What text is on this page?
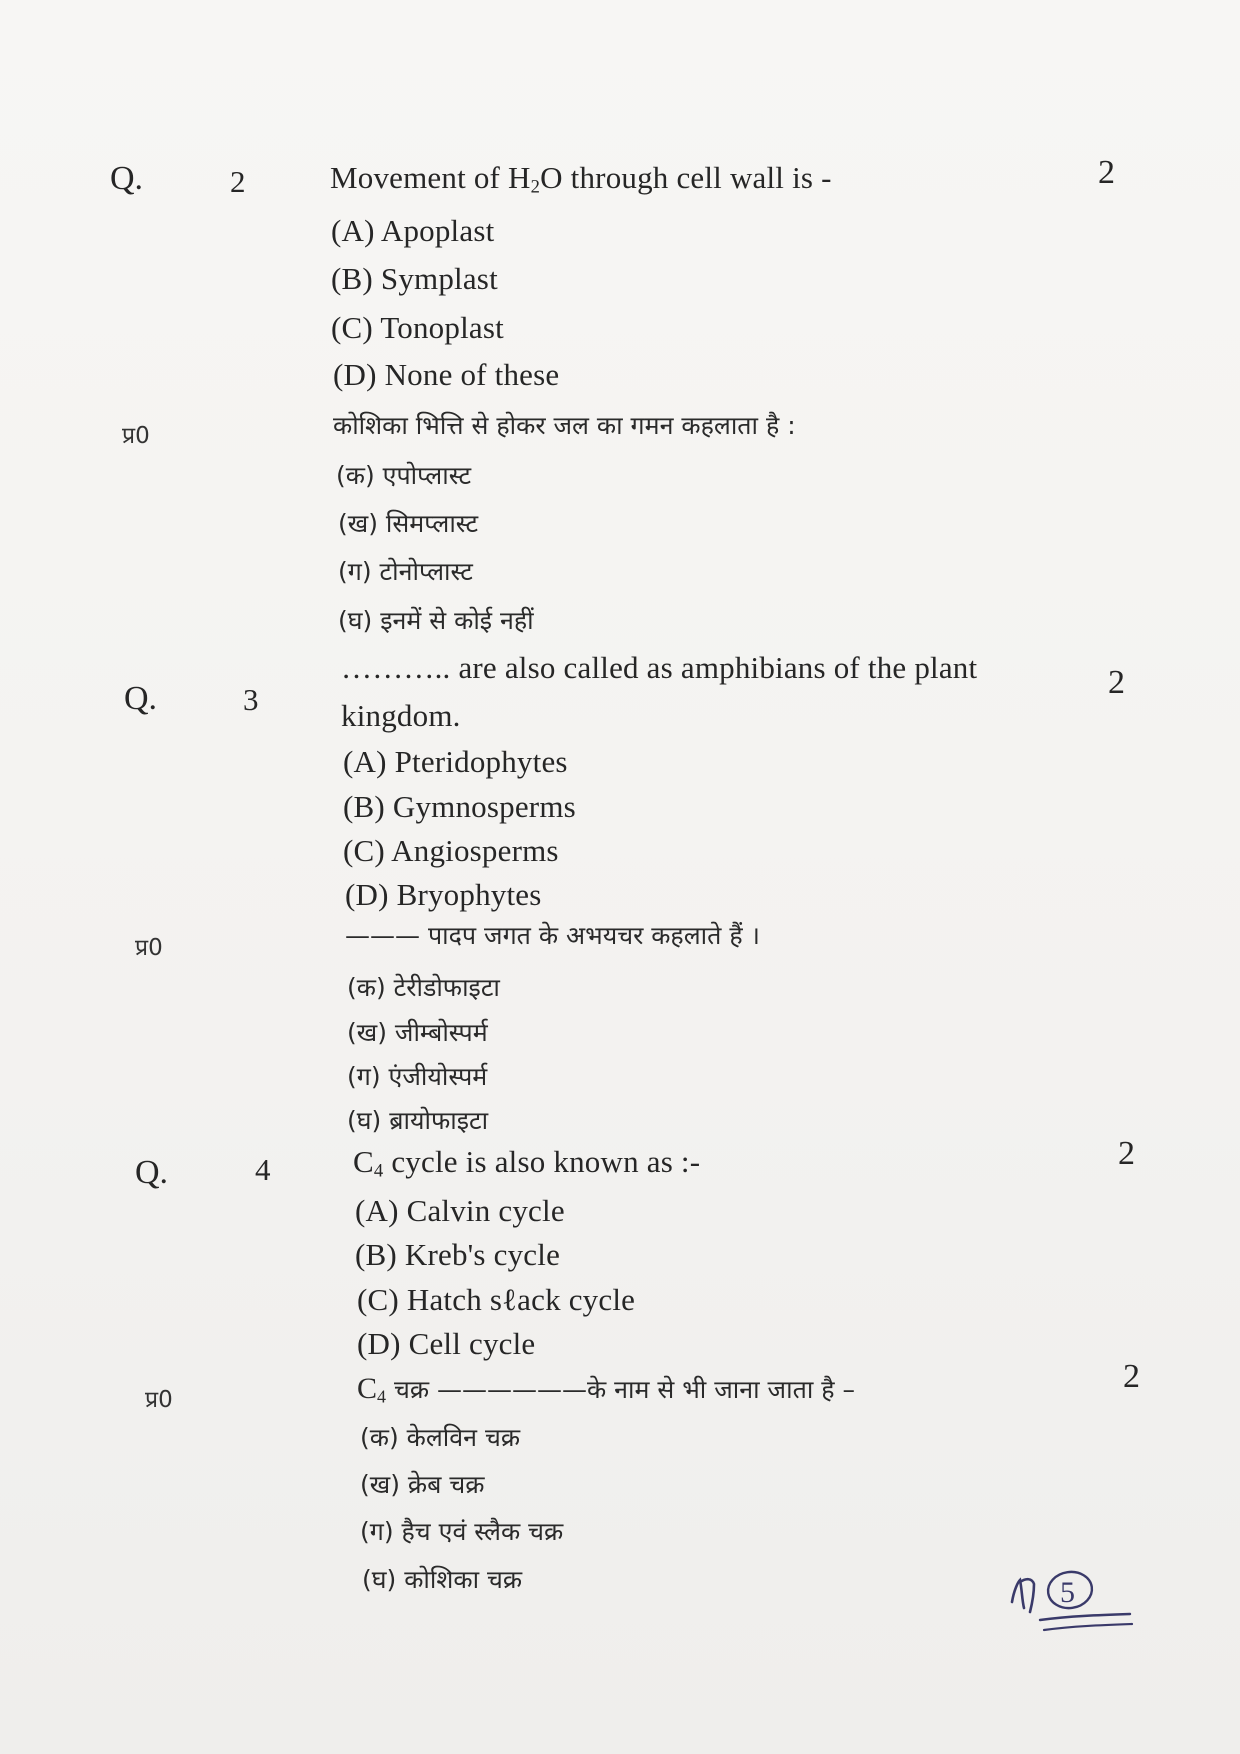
Q.	2	Movement of $H_2O$ through cell wall is -	2
(A) Apoplast
(B) Symplast
(C) Tonoplast
(D) None of these
प्र0	कोशिका भित्ति से होकर जल का गमन कहलाता है :
(क) एपोप्लास्ट
(ख) सिमप्लास्ट
(ग) टोनोप्लास्ट
(घ) इनमें से कोई नहीं
Q.	3
……….. are also called as amphibians of the plant
kingdom.
2
(A) Pteridophytes
(B) Gymnosperms
(C) Angiosperms
(D) Bryophytes
प्र0	——— पादप जगत के अभयचर कहलाते हैं ।
(क) टेरीडोफाइटा
(ख) जीम्बोस्पर्म
(ग) एंजीयोस्पर्म
(घ) ब्रायोफाइटा
Q.	4	$C_4$ cycle is also known as :-	2
(A) Calvin cycle
(B) Kreb's cycle
(C) Hatch sℓack cycle
(D) Cell cycle
प्र0	$C_4$ चक्र ——————के नाम से भी जाना जाता है –	2
(क) केलविन चक्र
(ख) क्रेब चक्र
(ग) हैच एवं स्लैक चक्र
(घ) कोशिका चक्र	5
